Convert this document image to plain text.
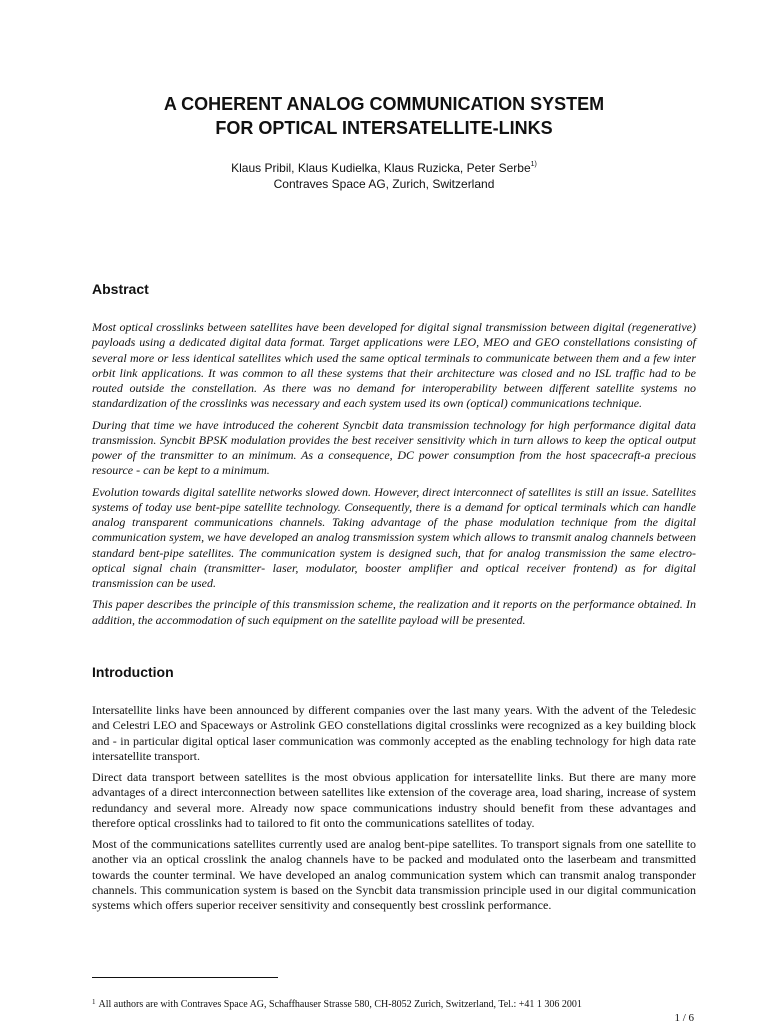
A COHERENT ANALOG COMMUNICATION SYSTEM
FOR OPTICAL INTERSATELLITE-LINKS
Klaus Pribil, Klaus Kudielka, Klaus Ruzicka, Peter Serbe$^{1)}$
Contraves Space AG, Zurich, Switzerland
Abstract

Most optical crosslinks between satellites have been developed for digital signal transmission between digital (regenerative) payloads using a dedicated digital data format. Target applications were LEO, MEO and GEO constellations consisting of several more or less identical satellites which used the same optical terminals to communicate between them and a few inter orbit link applications. It was common to all these systems that their architecture was closed and no ISL traffic had to be routed outside the constellation. As there was no demand for interoperability between different satellite systems no standardization of the crosslinks was necessary and each system used its own (optical) communications technique.

During that time we have introduced the coherent Syncbit data transmission technology for high performance digital data transmission. Syncbit BPSK modulation provides the best receiver sensitivity which in turn allows to keep the optical output power of the transmitter to an minimum. As a consequence, DC power consumption from the host spacecraft-a precious resource - can be kept to a minimum.

Evolution towards digital satellite networks slowed down. However, direct interconnect of satellites is still an issue. Satellites systems of today use bent-pipe satellite technology. Consequently, there is a demand for optical terminals which can handle analog transparent communications channels. Taking advantage of the phase modulation technique from the digital communication system, we have developed an analog transmission system which allows to transmit analog channels between standard bent-pipe satellites. The communication system is designed such, that for analog transmission the same electro-optical signal chain (transmitter- laser, modulator, booster amplifier and optical receiver frontend) as for digital transmission can be used.

This paper describes the principle of this transmission scheme, the realization and it reports on the performance obtained. In addition, the accommodation of such equipment on the satellite payload will be presented.

Introduction

Intersatellite links have been announced by different companies over the last many years. With the advent of the Teledesic and Celestri LEO and Spaceways or Astrolink GEO constellations digital crosslinks were recognized as a key building block and - in particular digital optical laser communication was commonly accepted as the enabling technology for high data rate intersatellite transport.

Direct data transport between satellites is the most obvious application for intersatellite links. But there are many more advantages of a direct interconnection between satellites like extension of the coverage area, load sharing, increase of system redundancy and several more. Already now space communications industry should benefit from these advantages and therefore optical crosslinks had to tailored to fit onto the communications satellites of today.

Most of the communications satellites currently used are analog bent-pipe satellites. To transport signals from one satellite to another via an optical crosslink the analog channels have to be packed and modulated onto the laserbeam and transmitted towards the counter terminal. We have developed an analog communication system which can transmit analog transponder channels. This communication system is based on the Syncbit data transmission principle used in our digital communication systems which offers superior receiver sensitivity and consequently best crosslink performance.

$^1$ All authors are with Contraves Space AG, Schaffhauser Strasse 580, CH-8052 Zurich, Switzerland, Tel.: +41 1 306 2001
1 / 6
